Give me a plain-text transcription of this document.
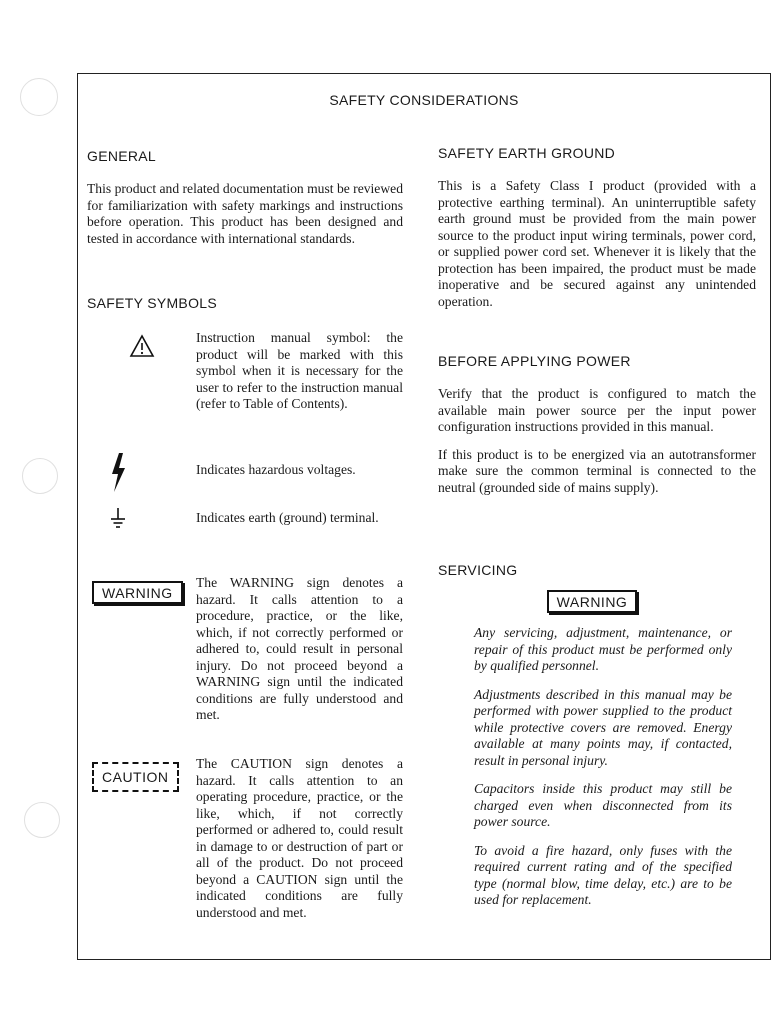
SAFETY CONSIDERATIONS

GENERAL

This product and related documentation must be reviewed for familiarization with safety markings and instructions before operation. This product has been designed and tested in accordance with international standards.

SAFETY SYMBOLS

Instruction manual symbol: the product will be marked with this symbol when it is necessary for the user to refer to the instruction manual (refer to Table of Contents).

Indicates hazardous voltages.

Indicates earth (ground) terminal.

WARNING

The WARNING sign denotes a hazard. It calls attention to a procedure, practice, or the like, which, if not correctly performed or adhered to, could result in personal injury. Do not proceed beyond a WARNING sign until the indicated conditions are fully understood and met.

CAUTION

The CAUTION sign denotes a hazard. It calls attention to an operating procedure, practice, or the like, which, if not correctly performed or adhered to, could result in damage to or destruction of part or all of the product. Do not proceed beyond a CAUTION sign until the indicated conditions are fully understood and met.

SAFETY EARTH GROUND

This is a Safety Class I product (provided with a protective earthing terminal). An uninterruptible safety earth ground must be provided from the main power source to the product input wiring terminals, power cord, or supplied power cord set. Whenever it is likely that the protection has been impaired, the product must be made inoperative and be secured against any unintended operation.

BEFORE APPLYING POWER

Verify that the product is configured to match the available main power source per the input power configuration instructions provided in this manual.

If this product is to be energized via an autotransformer make sure the common terminal is connected to the neutral (grounded side of mains supply).

SERVICING

WARNING

Any servicing, adjustment, maintenance, or repair of this product must be performed only by qualified personnel.

Adjustments described in this manual may be performed with power supplied to the product while protective covers are removed. Energy available at many points may, if contacted, result in personal injury.

Capacitors inside this product may still be charged even when disconnected from its power source.

To avoid a fire hazard, only fuses with the required current rating and of the specified type (normal blow, time delay, etc.) are to be used for replacement.
